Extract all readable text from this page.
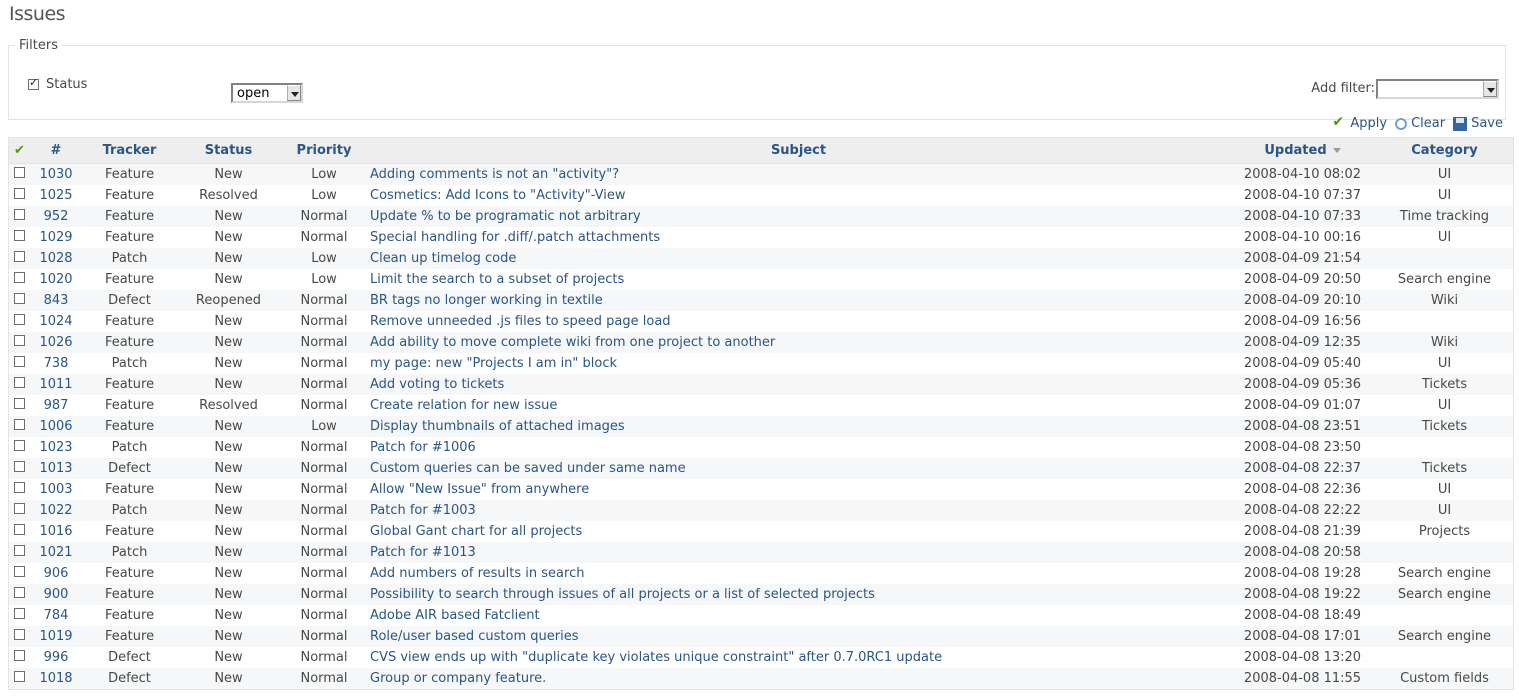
Issues
Filters
✓
Status
open	Add filter:
✔
Apply Clear Save
✔	#	Tracker	Status	Priority	Subject	Updated	Category
	1030	Feature	New	Low	Adding comments is not an "activity"?	2008-04-10 08:02	UI
	1025	Feature	Resolved	Low	Cosmetics: Add Icons to "Activity"-View	2008-04-10 07:37	UI
	952	Feature	New	Normal	Update % to be programatic not arbitrary	2008-04-10 07:33	Time tracking
	1029	Feature	New	Normal	Special handling for .diff/.patch attachments	2008-04-10 00:16	UI
	1028	Patch	New	Low	Clean up timelog code	2008-04-09 21:54	
	1020	Feature	New	Low	Limit the search to a subset of projects	2008-04-09 20:50	Search engine
	843	Defect	Reopened	Normal	BR tags no longer working in textile	2008-04-09 20:10	Wiki
	1024	Feature	New	Normal	Remove unneeded .js files to speed page load	2008-04-09 16:56	
	1026	Feature	New	Normal	Add ability to move complete wiki from one project to another	2008-04-09 12:35	Wiki
	738	Patch	New	Normal	my page: new "Projects I am in" block	2008-04-09 05:40	UI
	1011	Feature	New	Normal	Add voting to tickets	2008-04-09 05:36	Tickets
	987	Feature	Resolved	Normal	Create relation for new issue	2008-04-09 01:07	UI
	1006	Feature	New	Low	Display thumbnails of attached images	2008-04-08 23:51	Tickets
	1023	Patch	New	Normal	Patch for #1006	2008-04-08 23:50	
	1013	Defect	New	Normal	Custom queries can be saved under same name	2008-04-08 22:37	Tickets
	1003	Feature	New	Normal	Allow "New Issue" from anywhere	2008-04-08 22:36	UI
	1022	Patch	New	Normal	Patch for #1003	2008-04-08 22:22	UI
	1016	Feature	New	Normal	Global Gant chart for all projects	2008-04-08 21:39	Projects
	1021	Patch	New	Normal	Patch for #1013	2008-04-08 20:58	
	906	Feature	New	Normal	Add numbers of results in search	2008-04-08 19:28	Search engine
	900	Feature	New	Normal	Possibility to search through issues of all projects or a list of selected projects	2008-04-08 19:22	Search engine
	784	Feature	New	Normal	Adobe AIR based Fatclient	2008-04-08 18:49	
	1019	Feature	New	Normal	Role/user based custom queries	2008-04-08 17:01	Search engine
	996	Defect	New	Normal	CVS view ends up with "duplicate key violates unique constraint" after 0.7.0RC1 update	2008-04-08 13:20	
	1018	Defect	New	Normal	Group or company feature.	2008-04-08 11:55	Custom fields
